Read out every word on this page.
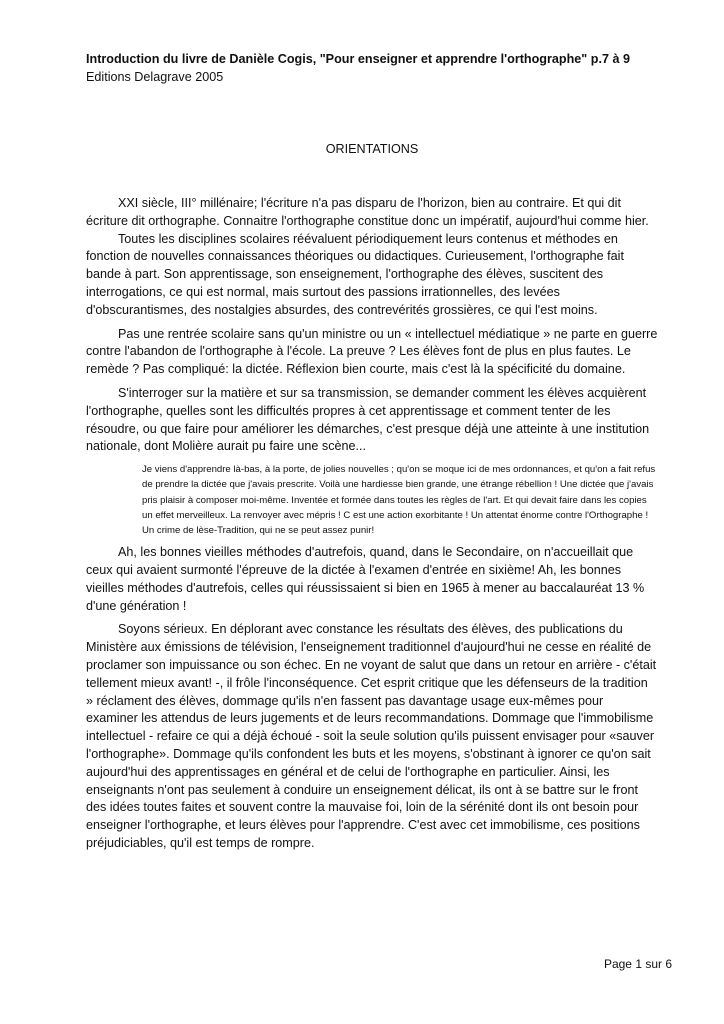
Introduction du livre de Danièle Cogis, "Pour enseigner et apprendre l'orthographe" p.7 à 9
Editions Delagrave 2005
ORIENTATIONS

XXI siècle, III° millénaire; l'écriture n'a pas disparu de l'horizon, bien au contraire. Et qui dit écriture dit orthographe. Connaitre l'orthographe constitue donc un impératif, aujourd'hui comme hier.

Toutes les disciplines scolaires réévaluent périodiquement leurs contenus et méthodes en fonction de nouvelles connaissances théoriques ou didactiques. Curieusement, l'orthographe fait bande à part. Son apprentissage, son enseignement, l'orthographe des élèves, suscitent des interrogations, ce qui est normal, mais surtout des passions irrationnelles, des levées d'obscurantismes, des nostalgies absurdes, des contrevérités grossières, ce qui l'est moins.

Pas une rentrée scolaire sans qu'un ministre ou un « intellectuel médiatique » ne parte en guerre contre l'abandon de l'orthographe à l'école. La preuve ? Les élèves font de plus en plus fautes. Le remède ? Pas compliqué: la dictée. Réflexion bien courte, mais c'est là la spécificité du domaine.

S'interroger sur la matière et sur sa transmission, se demander comment les élèves acquièrent l'orthographe, quelles sont les difficultés propres à cet apprentissage et comment tenter de les résoudre, ou que faire pour améliorer les démarches, c'est presque déjà une atteinte à une institution nationale, dont Molière aurait pu faire une scène...

Je viens d'apprendre là-bas, à la porte, de jolies nouvelles ; qu'on se moque ici de mes ordonnances, et qu'on a fait refus de prendre la dictée que j'avais prescrite. Voilà une hardiesse bien grande, une étrange rébellion ! Une dictée que j'avais pris plaisir à composer moi-même. Inventée et formée dans toutes les règles de l'art. Et qui devait faire dans les copies un effet merveilleux. La renvoyer avec mépris ! C est une action exorbitante ! Un attentat énorme contre l'Orthographe ! Un crime de lèse-Tradition, qui ne se peut assez punir!

Ah, les bonnes vieilles méthodes d'autrefois, quand, dans le Secondaire, on n'accueillait que ceux qui avaient surmonté l'épreuve de la dictée à l'examen d'entrée en sixième! Ah, les bonnes vieilles méthodes d'autrefois, celles qui réussissaient si bien en 1965 à mener au baccalauréat 13 % d'une génération !

Soyons sérieux. En déplorant avec constance les résultats des élèves, des publications du Ministère aux émissions de télévision, l'enseignement traditionnel d'aujourd'hui ne cesse en réalité de proclamer son impuissance ou son échec. En ne voyant de salut que dans un retour en arrière - c'était tellement mieux avant! -, il frôle l'inconséquence. Cet esprit critique que les défenseurs de la tradition » réclament des élèves, dommage qu'ils n'en fassent pas davantage usage eux-mêmes pour examiner les attendus de leurs jugements et de leurs recommandations. Dommage que l'immobilisme intellectuel - refaire ce qui a déjà échoué - soit la seule solution qu'ils puissent envisager pour «sauver l'orthographe». Dommage qu'ils confondent les buts et les moyens, s'obstinant à ignorer ce qu'on sait aujourd'hui des apprentissages en général et de celui de l'orthographe en particulier. Ainsi, les enseignants n'ont pas seulement à conduire un enseignement délicat, ils ont à se battre sur le front des idées toutes faites et souvent contre la mauvaise foi, loin de la sérénité dont ils ont besoin pour enseigner l'orthographe, et leurs élèves pour l'apprendre. C'est avec cet immobilisme, ces positions préjudiciables, qu'il est temps de rompre.

Page 1 sur 6
